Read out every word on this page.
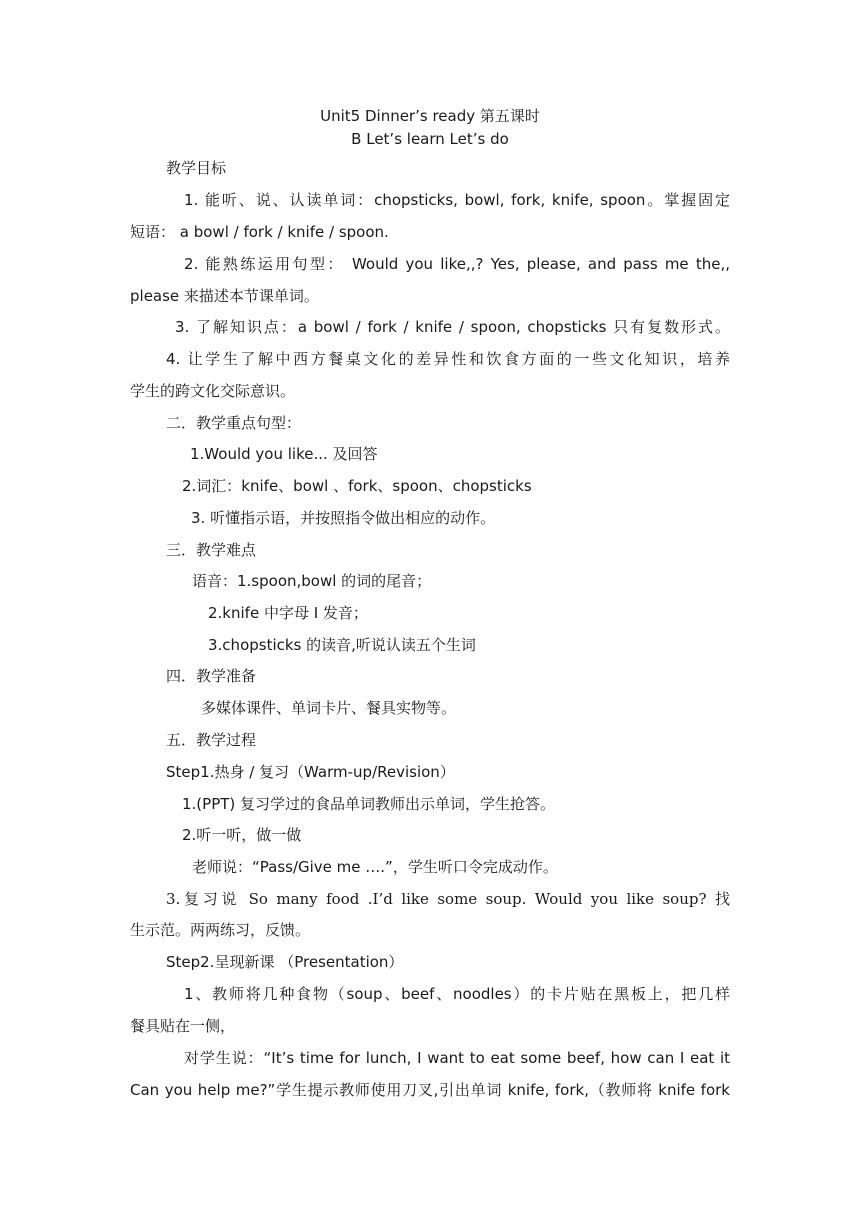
Unit5 Dinner’s ready 第五课时
B Let’s learn Let’s do
教学目标
1. 能听、说、认读单词：chopsticks, bowl, fork, knife, spoon。掌握固定
短语： a bowl / fork / knife / spoon.
2. 能熟练运用句型： Would you like,,? Yes, please, and pass me the,,
please 来描述本节课单词。
3. 了解知识点：a bowl / fork / knife / spoon, chopsticks 只有复数形式。
4. 让学生了解中西方餐桌文化的差异性和饮食方面的一些文化知识，培养
学生的跨文化交际意识。
二．教学重点句型：
1.Would you like... 及回答
2.词汇：knife、bowl 、fork、spoon、chopsticks
3. 听懂指示语，并按照指令做出相应的动作。
三．教学难点
语音：1.spoon,bowl 的词的尾音；
2.knife 中字母 I 发音；
3.chopsticks 的读音,听说认读五个生词
四．教学准备
多媒体课件、单词卡片、餐具实物等。
五．教学过程
Step1.热身 / 复习（Warm-up/Revision）
1.(PPT) 复习学过的食品单词教师出示单词，学生抢答。
2.听一听，做一做
老师说：“Pass/Give me ….”，学生听口令完成动作。
3.复习说 So many food .I’d like some soup. Would you like soup? 找
生示范。两两练习，反馈。
Step2.呈现新课 （Presentation）
1、教师将几种食物（soup、beef、noodles）的卡片贴在黑板上，把几样
餐具贴在一侧，
对学生说：“It’s time for lunch, I want to eat some beef, how can I eat it
Can you help me?”学生提示教师使用刀叉,引出单词 knife, fork,（教师将 knife fork
